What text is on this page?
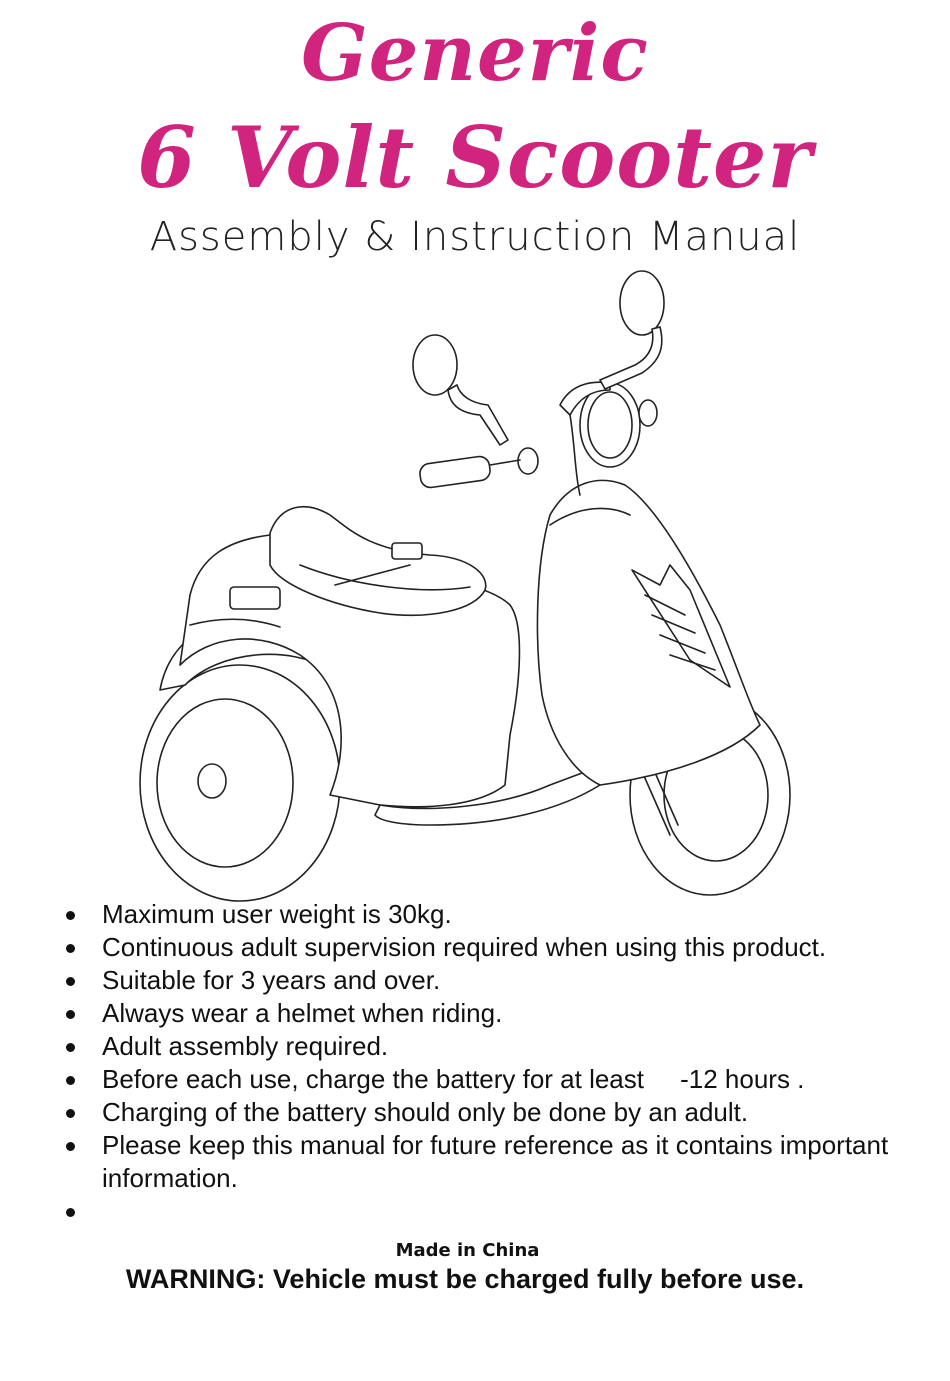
Generic
6 Volt Scooter
Assembly & Instruction Manual
Maximum user weight is 30kg.
Continuous adult supervision required when using this product.
Suitable for 3 years and over.
Always wear a helmet when riding.
Adult assembly required.
Before each use, charge the battery for at least     -12 hours .
Charging of the battery should only be done by an adult.
Please keep this manual for future reference as it contains important information.

Made in China

WARNING: Vehicle must be charged fully before use.
